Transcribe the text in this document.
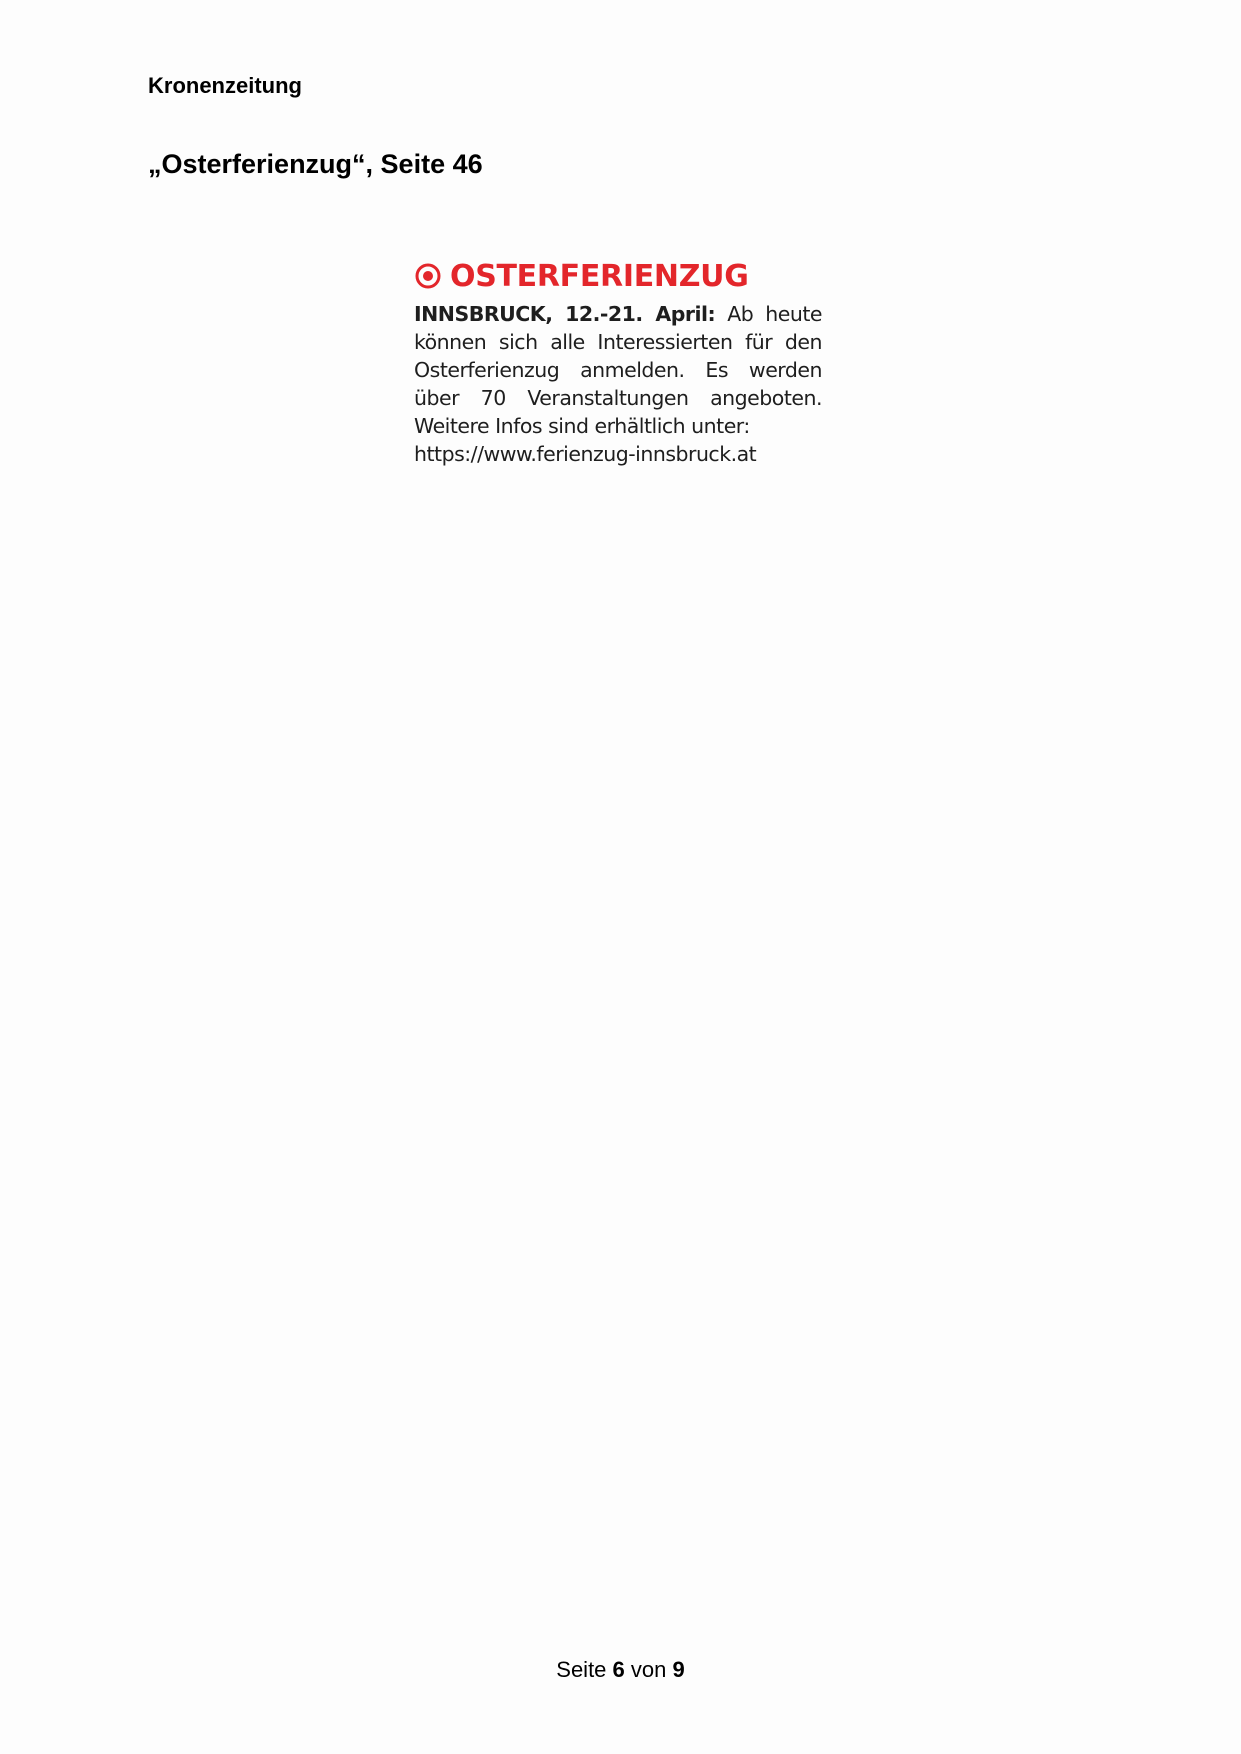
Kronenzeitung

„Osterferienzug“, Seite 46
OSTERFERIENZUG
INNSBRUCK, 12.-21. April: Ab heute können sich alle Interessierten für den Osterferienzug anmelden. Es werden über 70 Veranstaltungen angeboten. Weitere Infos sind erhältlich unter:
https://www.ferienzug-innsbruck.at
Seite 6 von 9
